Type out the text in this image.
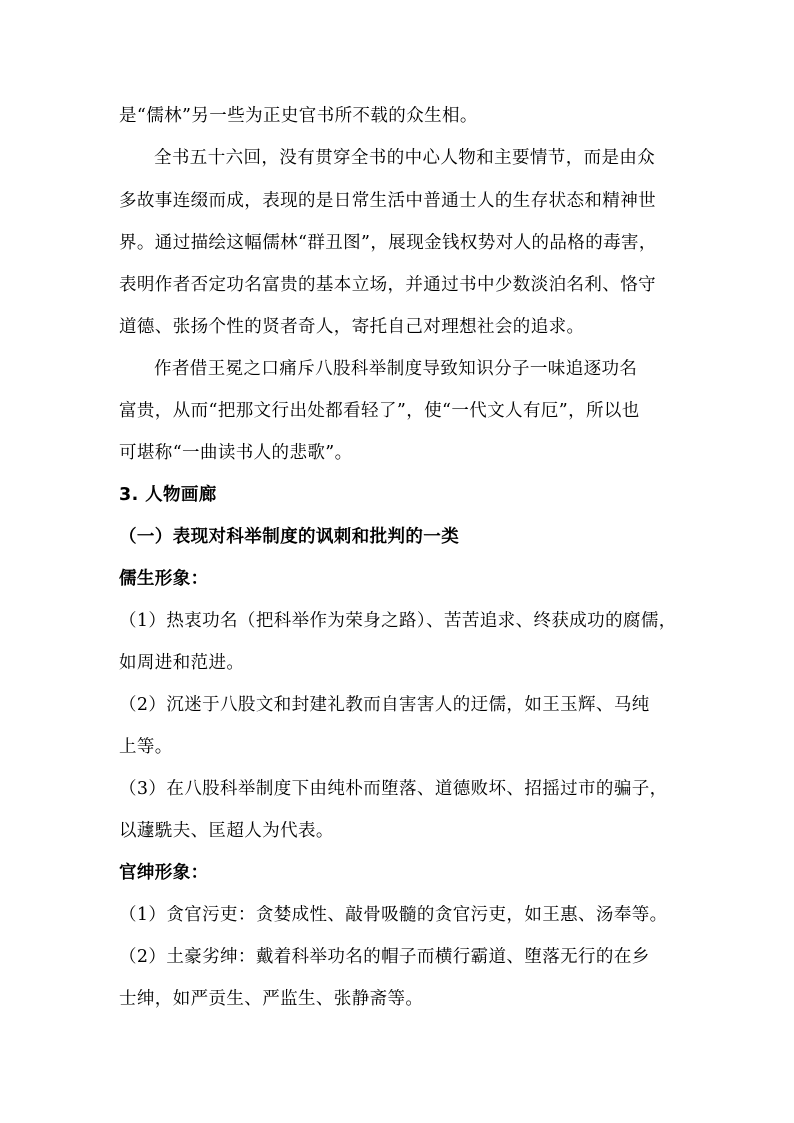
是“儒林”另一些为正史官书所不载的众生相。
全书五十六回，没有贯穿全书的中心人物和主要情节，而是由众
多故事连缀而成，表现的是日常生活中普通士人的生存状态和精神世
界。通过描绘这幅儒林“群丑图”，展现金钱权势对人的品格的毒害，
表明作者否定功名富贵的基本立场，并通过书中少数淡泊名利、恪守
道德、张扬个性的贤者奇人，寄托自己对理想社会的追求。
作者借王冕之口痛斥八股科举制度导致知识分子一味追逐功名
富贵，从而“把那文行出处都看轻了”，使“一代文人有厄”，所以也
可堪称“一曲读书人的悲歌”。
3. 人物画廊
（一）表现对科举制度的讽刺和批判的一类
儒生形象：
（1）热衷功名（把科举作为荣身之路）、苦苦追求、终获成功的腐儒，
如周进和范进。
（2）沉迷于八股文和封建礼教而自害害人的迂儒，如王玉辉、马纯
上等。
（3）在八股科举制度下由纯朴而堕落、道德败坏、招摇过市的骗子，
以蘧駪夫、匡超人为代表。
官绅形象：
（1）贪官污吏：贪婪成性、敲骨吸髓的贪官污吏，如王惠、汤奉等。
（2）土豪劣绅：戴着科举功名的帽子而横行霸道、堕落无行的在乡
士绅，如严贡生、严监生、张静斋等。
